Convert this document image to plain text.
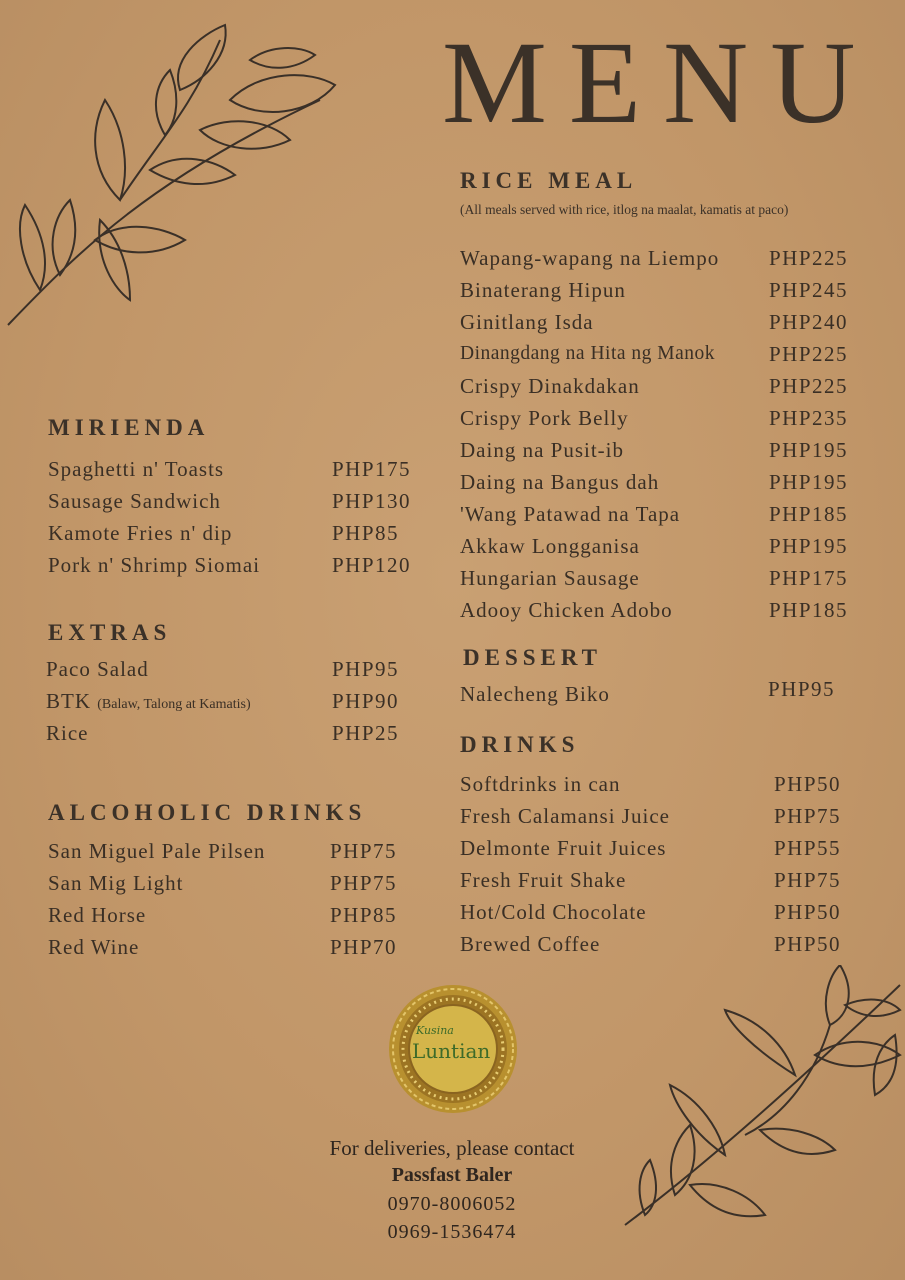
MENU
RICE MEAL
(All meals served with rice, itlog na maalat, kamatis at paco)
Wapang-wapang na Liempo PHP225
Binaterang Hipun	PHP245
Ginitlang Isda	PHP240
Dinangdang na Hita ng Manok	PHP225
Crispy Dinakdakan	PHP225
Crispy Pork Belly	PHP235
Daing na Pusit-ib	PHP195
Daing na Bangus dah	PHP195
'Wang Patawad na Tapa	PHP185
Akkaw Longganisa	PHP195
Hungarian Sausage	PHP175
Adooy Chicken Adobo	PHP185
MIRIENDA
Spaghetti n' Toasts	PHP175
Sausage Sandwich	PHP130
Kamote Fries n' dip	PHP85
Pork n' Shrimp Siomai	PHP120
EXTRAS
Paco Salad	PHP95
BTK (Balaw, Talong at Kamatis)	PHP90
Rice	PHP25
ALCOHOLIC DRINKS
San Miguel Pale Pilsen	PHP75
San Mig Light	PHP75
Red Horse	PHP85
Red Wine	PHP70
DESSERT
Nalecheng Biko	PHP95
DRINKS
Softdrinks in can	PHP50
Fresh Calamansi Juice	PHP75
Delmonte Fruit Juices	PHP55
Fresh Fruit Shake	PHP75
Hot/Cold Chocolate	PHP50
Brewed Coffee	PHP50
Kusina
Luntian
For deliveries, please contact
Passfast Baler
0970-8006052
0969-1536474
